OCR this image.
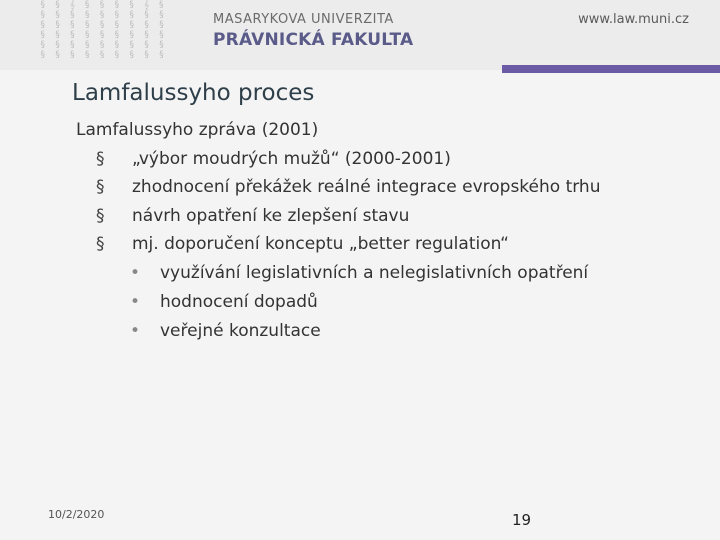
§ § 𝄞 § § § § 𝄞 §
§ § § § § § § § §
§ § § § § § § § §
§ § § § § § § § §
§ § § § § § § § §
§ § § § § § § § §
MASARYKOVA UNIVERZITA
PRÁVNICKÁ FAKULTA
www.law.muni.cz
Lamfalussyho proces
Lamfalussyho zpráva (2001)
§ „výbor moudrých mužů“ (2000-2001)
§ zhodnocení překážek reálné integrace evropského trhu
§ návrh opatření ke zlepšení stavu
§ mj. doporučení konceptu „better regulation“
• využívání legislativních a nelegislativních opatření
• hodnocení dopadů
• veřejné konzultace
10/2/2020	19
